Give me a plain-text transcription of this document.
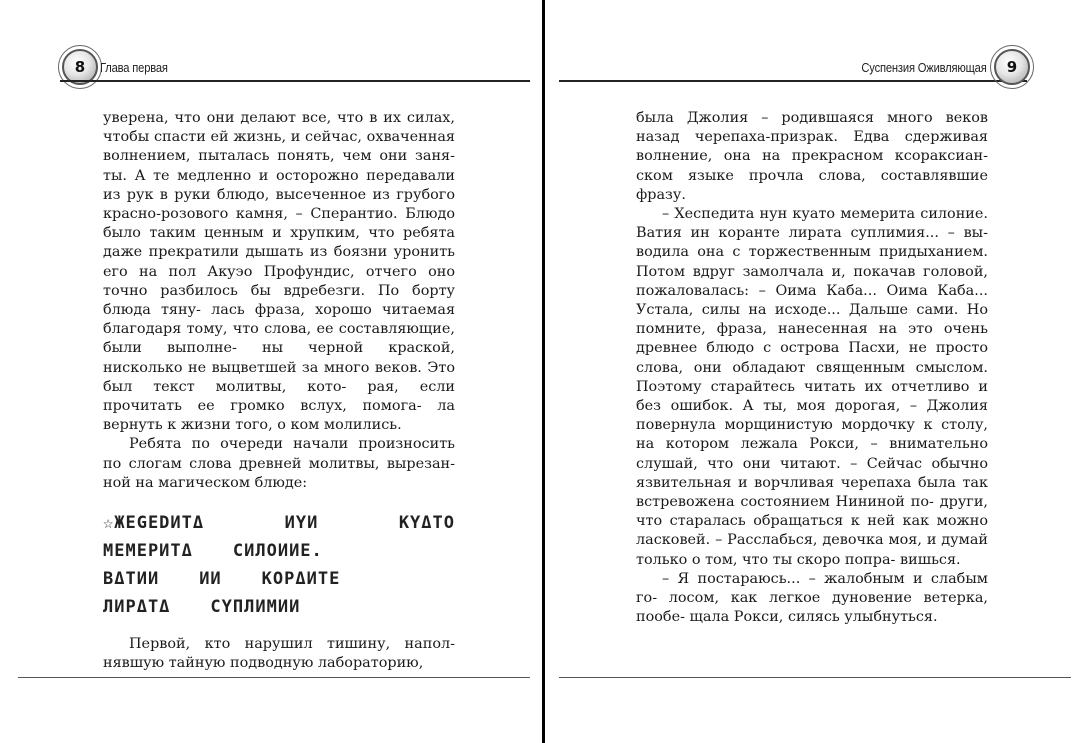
8	Глава первая

уверена, что они делают все, что в их силах, чтобы спасти ей жизнь, и сейчас, охваченная волнением, пыталась понять, чем они заня- ты. А те медленно и осторожно передавали из рук в руки блюдо, высеченное из грубого красно-розового камня, – Сперантио. Блюдо было таким ценным и хрупким, что ребята даже прекратили дышать из боязни уронить его на пол Акуэо Профундис, отчего оно точно разбилось бы вдребезги. По борту блюда тяну- лась фраза, хорошо читаемая благодаря тому, что слова, ее составляющие, были выполне- ны черной краской, нисколько не выцветшей за много веков. Это был текст молитвы, кото- рая, если прочитать ее громко вслух, помога- ла вернуть к жизни того, о ком молились.

Ребята по очереди начали произносить по слогам слова древней молитвы, вырезан- ной на магическом блюде:

☆ЖEGEDИТΔ	ИYИ	KYΔTO
MEMEΡИTΔ CИЛOИИE.
ΒΔTИИ ИИ KOΡΔИTE
ЛИΡΔTΔ CYΠЛИMИИ

Первой, кто нарушил тишину, напол- нявшую тайную подводную лабораторию,

Суспензия Оживляющая	9

была Джолия – родившаяся много веков назад черепаха-призрак. Едва сдерживая волнение, она на прекрасном ксораксиан- ском языке прочла слова, составлявшие фразу.

– Хеспедита нун куато мемерита силоние. Ватия ин коранте лирата суплимия... – вы- водила она с торжественным придыханием. Потом вдруг замолчала и, покачав головой, пожаловалась: – Оима Каба... Оима Каба... Устала, силы на исходе... Дальше сами. Но помните, фраза, нанесенная на это очень древнее блюдо с острова Пасхи, не просто слова, они обладают священным смыслом. Поэтому старайтесь читать их отчетливо и без ошибок. А ты, моя дорогая, – Джолия повернула морщинистую мордочку к столу, на котором лежала Рокси, – внимательно слушай, что они читают. – Сейчас обычно язвительная и ворчливая черепаха была так встревожена состоянием Нининой по- други, что старалась обращаться к ней как можно ласковей. – Расслабься, девочка моя, и думай только о том, что ты скоро попра- вишься.

– Я постараюсь... – жалобным и слабым го- лосом, как легкое дуновение ветерка, пообе- щала Рокси, силясь улыбнуться.
